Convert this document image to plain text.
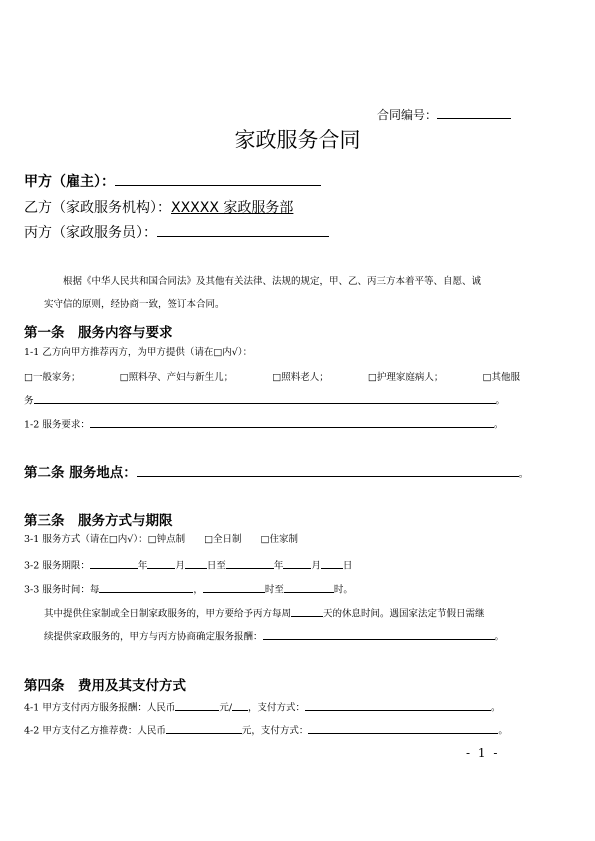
合同编号：
家政服务合同
甲方（雇主）：
乙方（家政服务机构）：XXXXX 家政服务部
丙方（家政服务员）：
根据《中华人民共和国合同法》及其他有关法律、法规的规定，甲、乙、丙三方本着平等、自愿、诚
实守信的原则，经协商一致，签订本合同。
第一条　服务内容与要求
1-1 乙方向甲方推荐丙方，为甲方提供（请在□内√）：
□一般家务；	□照料孕、产妇与新生儿；	□照料老人；	□护理家庭病人；	□其他服
务	。
1-2 服务要求：	。
第二条 服务地点：	。
第三条　服务方式与期限
3-1 服务方式（请在□内√）：□钟点制　　□全日制　　□住家制
3-2 服务期限：	年	月 日至	年	月 日
3-3 服务时间：每	，	时至	时。
其中提供住家制或全日制家政服务的，甲方要给予丙方每周	天的休息时间。遇国家法定节假日需继
续提供家政服务的，甲方与丙方协商确定服务报酬：	。
第四条　费用及其支付方式
4-1 甲方支付丙方服务报酬：人民币	元/ ，支付方式：	。
4-2 甲方支付乙方推荐费：人民币	元，支付方式：	。
- 1 -
